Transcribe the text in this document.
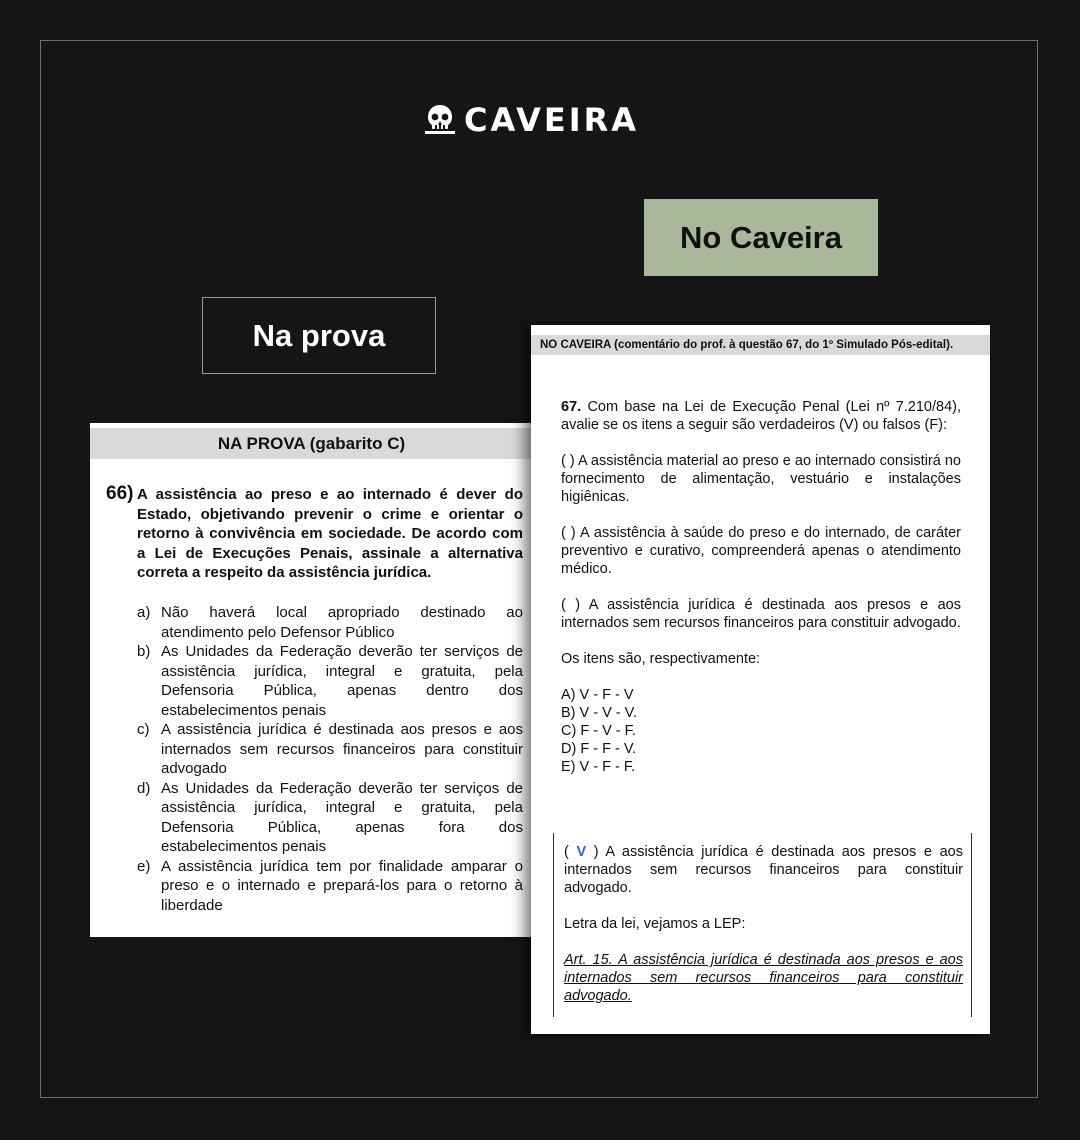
CAVEIRA
No Caveira
Na prova
NA PROVA (gabarito C)
66) A assistência ao preso e ao internado é dever do Estado, objetivando prevenir o crime e orientar o retorno à convivência em sociedade. De acordo com a Lei de Execuções Penais, assinale a alternativa correta a respeito da assistência jurídica.
a) Não haverá local apropriado destinado ao atendimento pelo Defensor Público
b) As Unidades da Federação deverão ter serviços de assistência jurídica, integral e gratuita, pela Defensoria Pública, apenas dentro dos estabelecimentos penais
c) A assistência jurídica é destinada aos presos e aos internados sem recursos financeiros para constituir advogado
d) As Unidades da Federação deverão ter serviços de assistência jurídica, integral e gratuita, pela Defensoria Pública, apenas fora dos estabelecimentos penais
e) A assistência jurídica tem por finalidade amparar o preso e o internado e prepará-los para o retorno à liberdade
NO CAVEIRA (comentário do prof. à questão 67, do 1º Simulado Pós-edital).

67. Com base na Lei de Execução Penal (Lei nº 7.210/84), avalie se os itens a seguir são verdadeiros (V) ou falsos (F):

( ) A assistência material ao preso e ao internado consistirá no fornecimento de alimentação, vestuário e instalações higiênicas.

( ) A assistência à saúde do preso e do internado, de caráter preventivo e curativo, compreenderá apenas o atendimento médico.

( ) A assistência jurídica é destinada aos presos e aos internados sem recursos financeiros para constituir advogado.

Os itens são, respectivamente:

A) V - F - V

B) V - V - V.

C) F - V - F.

D) F - F - V.

E) V - F - F.

( V ) A assistência jurídica é destinada aos presos e aos internados sem recursos financeiros para constituir advogado.

Letra da lei, vejamos a LEP:

Art. 15. A assistência jurídica é destinada aos presos e aos internados sem recursos financeiros para constituir advogado.
